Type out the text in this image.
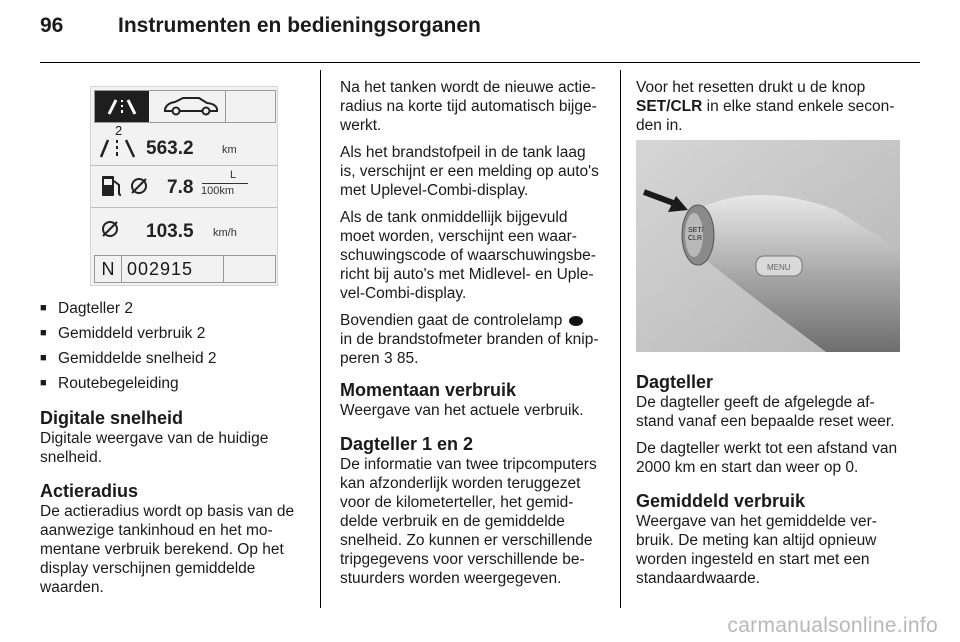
96	Instrumenten en bedieningsorganen
2
563.2	km
7.8
L
100km
103.5 km/h
N 002915
■ Dagteller 2
■ Gemiddeld verbruik 2
■ Gemiddelde snelheid 2
■ Routebegeleiding
Digitale snelheid
Digitale weergave van de huidige
snelheid.
Actieradius
De actieradius wordt op basis van de
aanwezige tankinhoud en het mo-
mentane verbruik berekend. Op het
display verschijnen gemiddelde
waarden.

Na het tanken wordt de nieuwe actie-
radius na korte tijd automatisch bijge-
werkt.

Als het brandstofpeil in de tank laag
is, verschijnt er een melding op auto's
met Uplevel-Combi-display.

Als de tank onmiddellijk bijgevuld
moet worden, verschijnt een waar-
schuwingscode of waarschuwingsbe-
richt bij auto's met Midlevel- en Uple-
vel-Combi-display.

Bovendien gaat de controlelamp
in de brandstofmeter branden of knip-
peren 3 85.

Momentaan verbruik
Weergave van het actuele verbruik.
Dagteller 1 en 2
De informatie van twee tripcomputers
kan afzonderlijk worden teruggezet
voor de kilometerteller, het gemid-
delde verbruik en de gemiddelde
snelheid. Zo kunnen er verschillende
tripgegevens voor verschillende be-
stuurders worden weergegeven.
Voor het resetten drukt u de knop
SET/CLR in elke stand enkele secon-
den in.
SET/
CLR
MENU
Dagteller
De dagteller geeft de afgelegde af-
stand vanaf een bepaalde reset weer.
De dagteller werkt tot een afstand van
2000 km en start dan weer op 0.
Gemiddeld verbruik
Weergave van het gemiddelde ver-
bruik. De meting kan altijd opnieuw
worden ingesteld en start met een
standaardwaarde.
carmanualsonline.info
